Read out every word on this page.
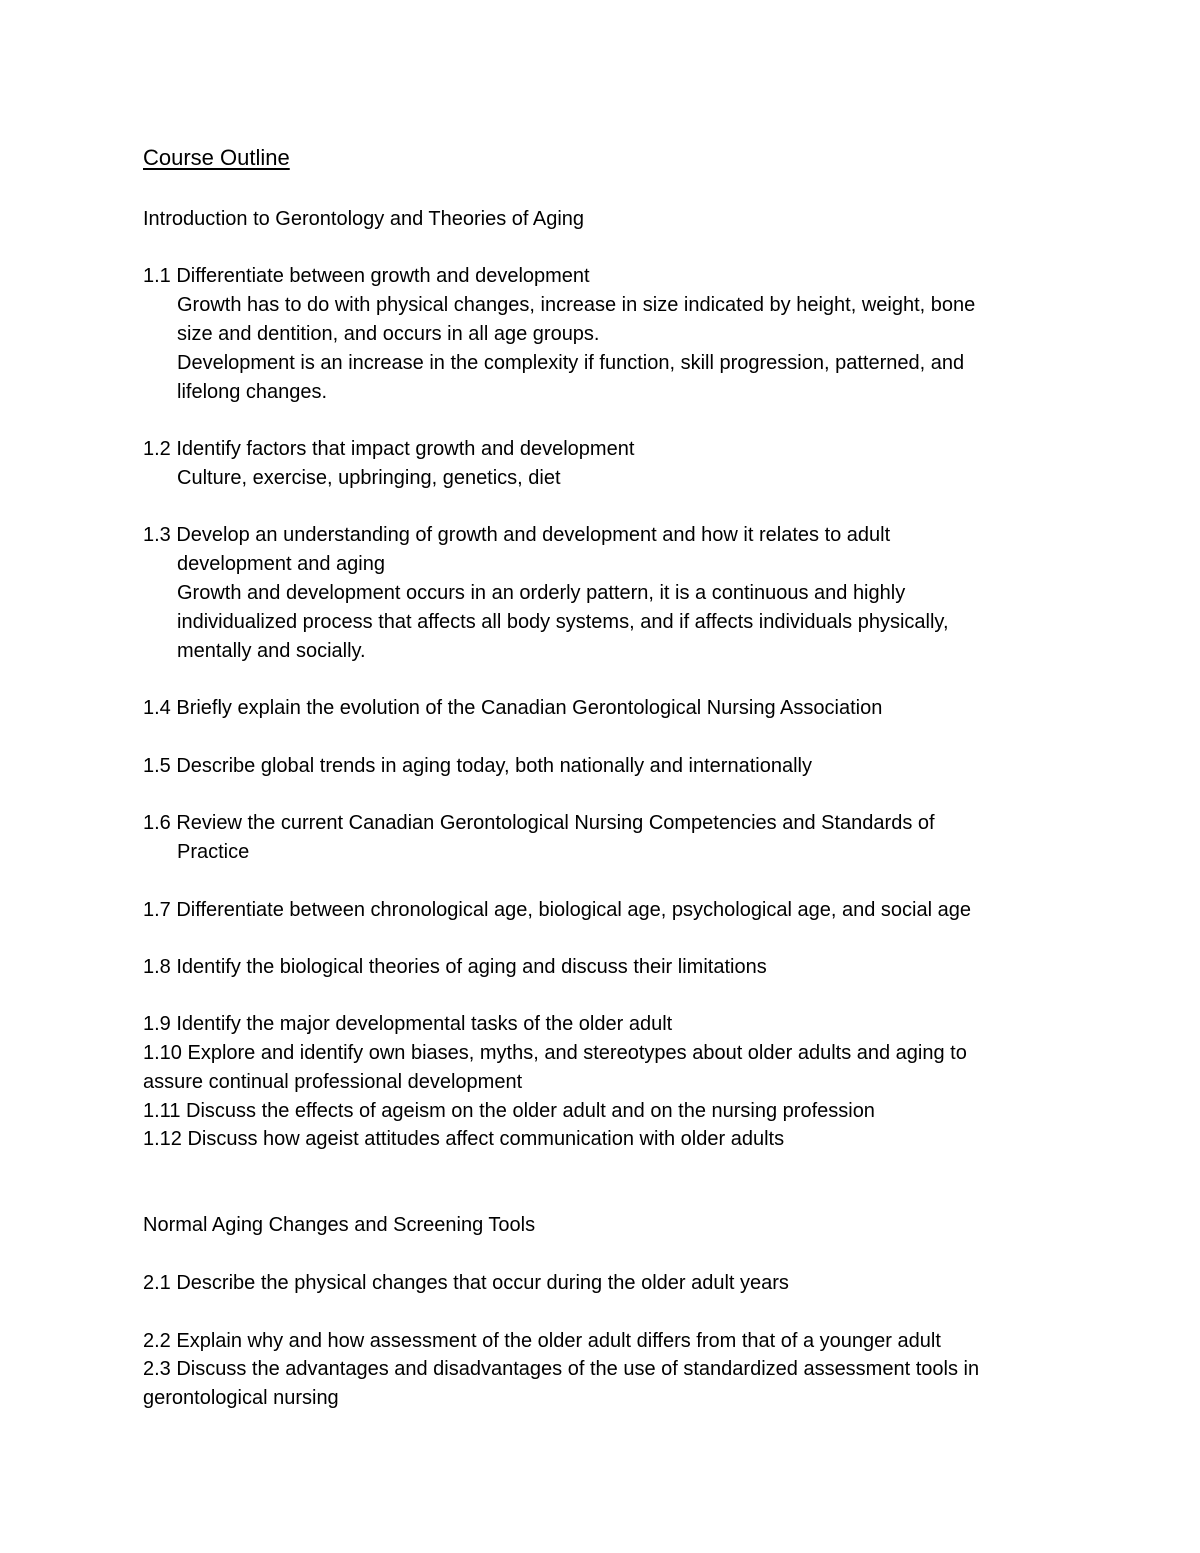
Course Outline

Introduction to Gerontology and Theories of Aging

1.1 Differentiate between growth and development

Growth has to do with physical changes, increase in size indicated by height, weight, bone

size and dentition, and occurs in all age groups.

Development is an increase in the complexity if function, skill progression, patterned, and

lifelong changes.

1.2 Identify factors that impact growth and development

Culture, exercise, upbringing, genetics, diet

1.3 Develop an understanding of growth and development and how it relates to adult

development and aging

Growth and development occurs in an orderly pattern, it is a continuous and highly

individualized process that affects all body systems, and if affects individuals physically,

mentally and socially.

1.4 Briefly explain the evolution of the Canadian Gerontological Nursing Association

1.5 Describe global trends in aging today, both nationally and internationally

1.6 Review the current Canadian Gerontological Nursing Competencies and Standards of

Practice

1.7 Differentiate between chronological age, biological age, psychological age, and social age

1.8 Identify the biological theories of aging and discuss their limitations

1.9 Identify the major developmental tasks of the older adult

1.10 Explore and identify own biases, myths, and stereotypes about older adults and aging to

assure continual professional development

1.11 Discuss the effects of ageism on the older adult and on the nursing profession

1.12 Discuss how ageist attitudes affect communication with older adults

Normal Aging Changes and Screening Tools

2.1 Describe the physical changes that occur during the older adult years

2.2 Explain why and how assessment of the older adult differs from that of a younger adult

2.3 Discuss the advantages and disadvantages of the use of standardized assessment tools in

gerontological nursing
